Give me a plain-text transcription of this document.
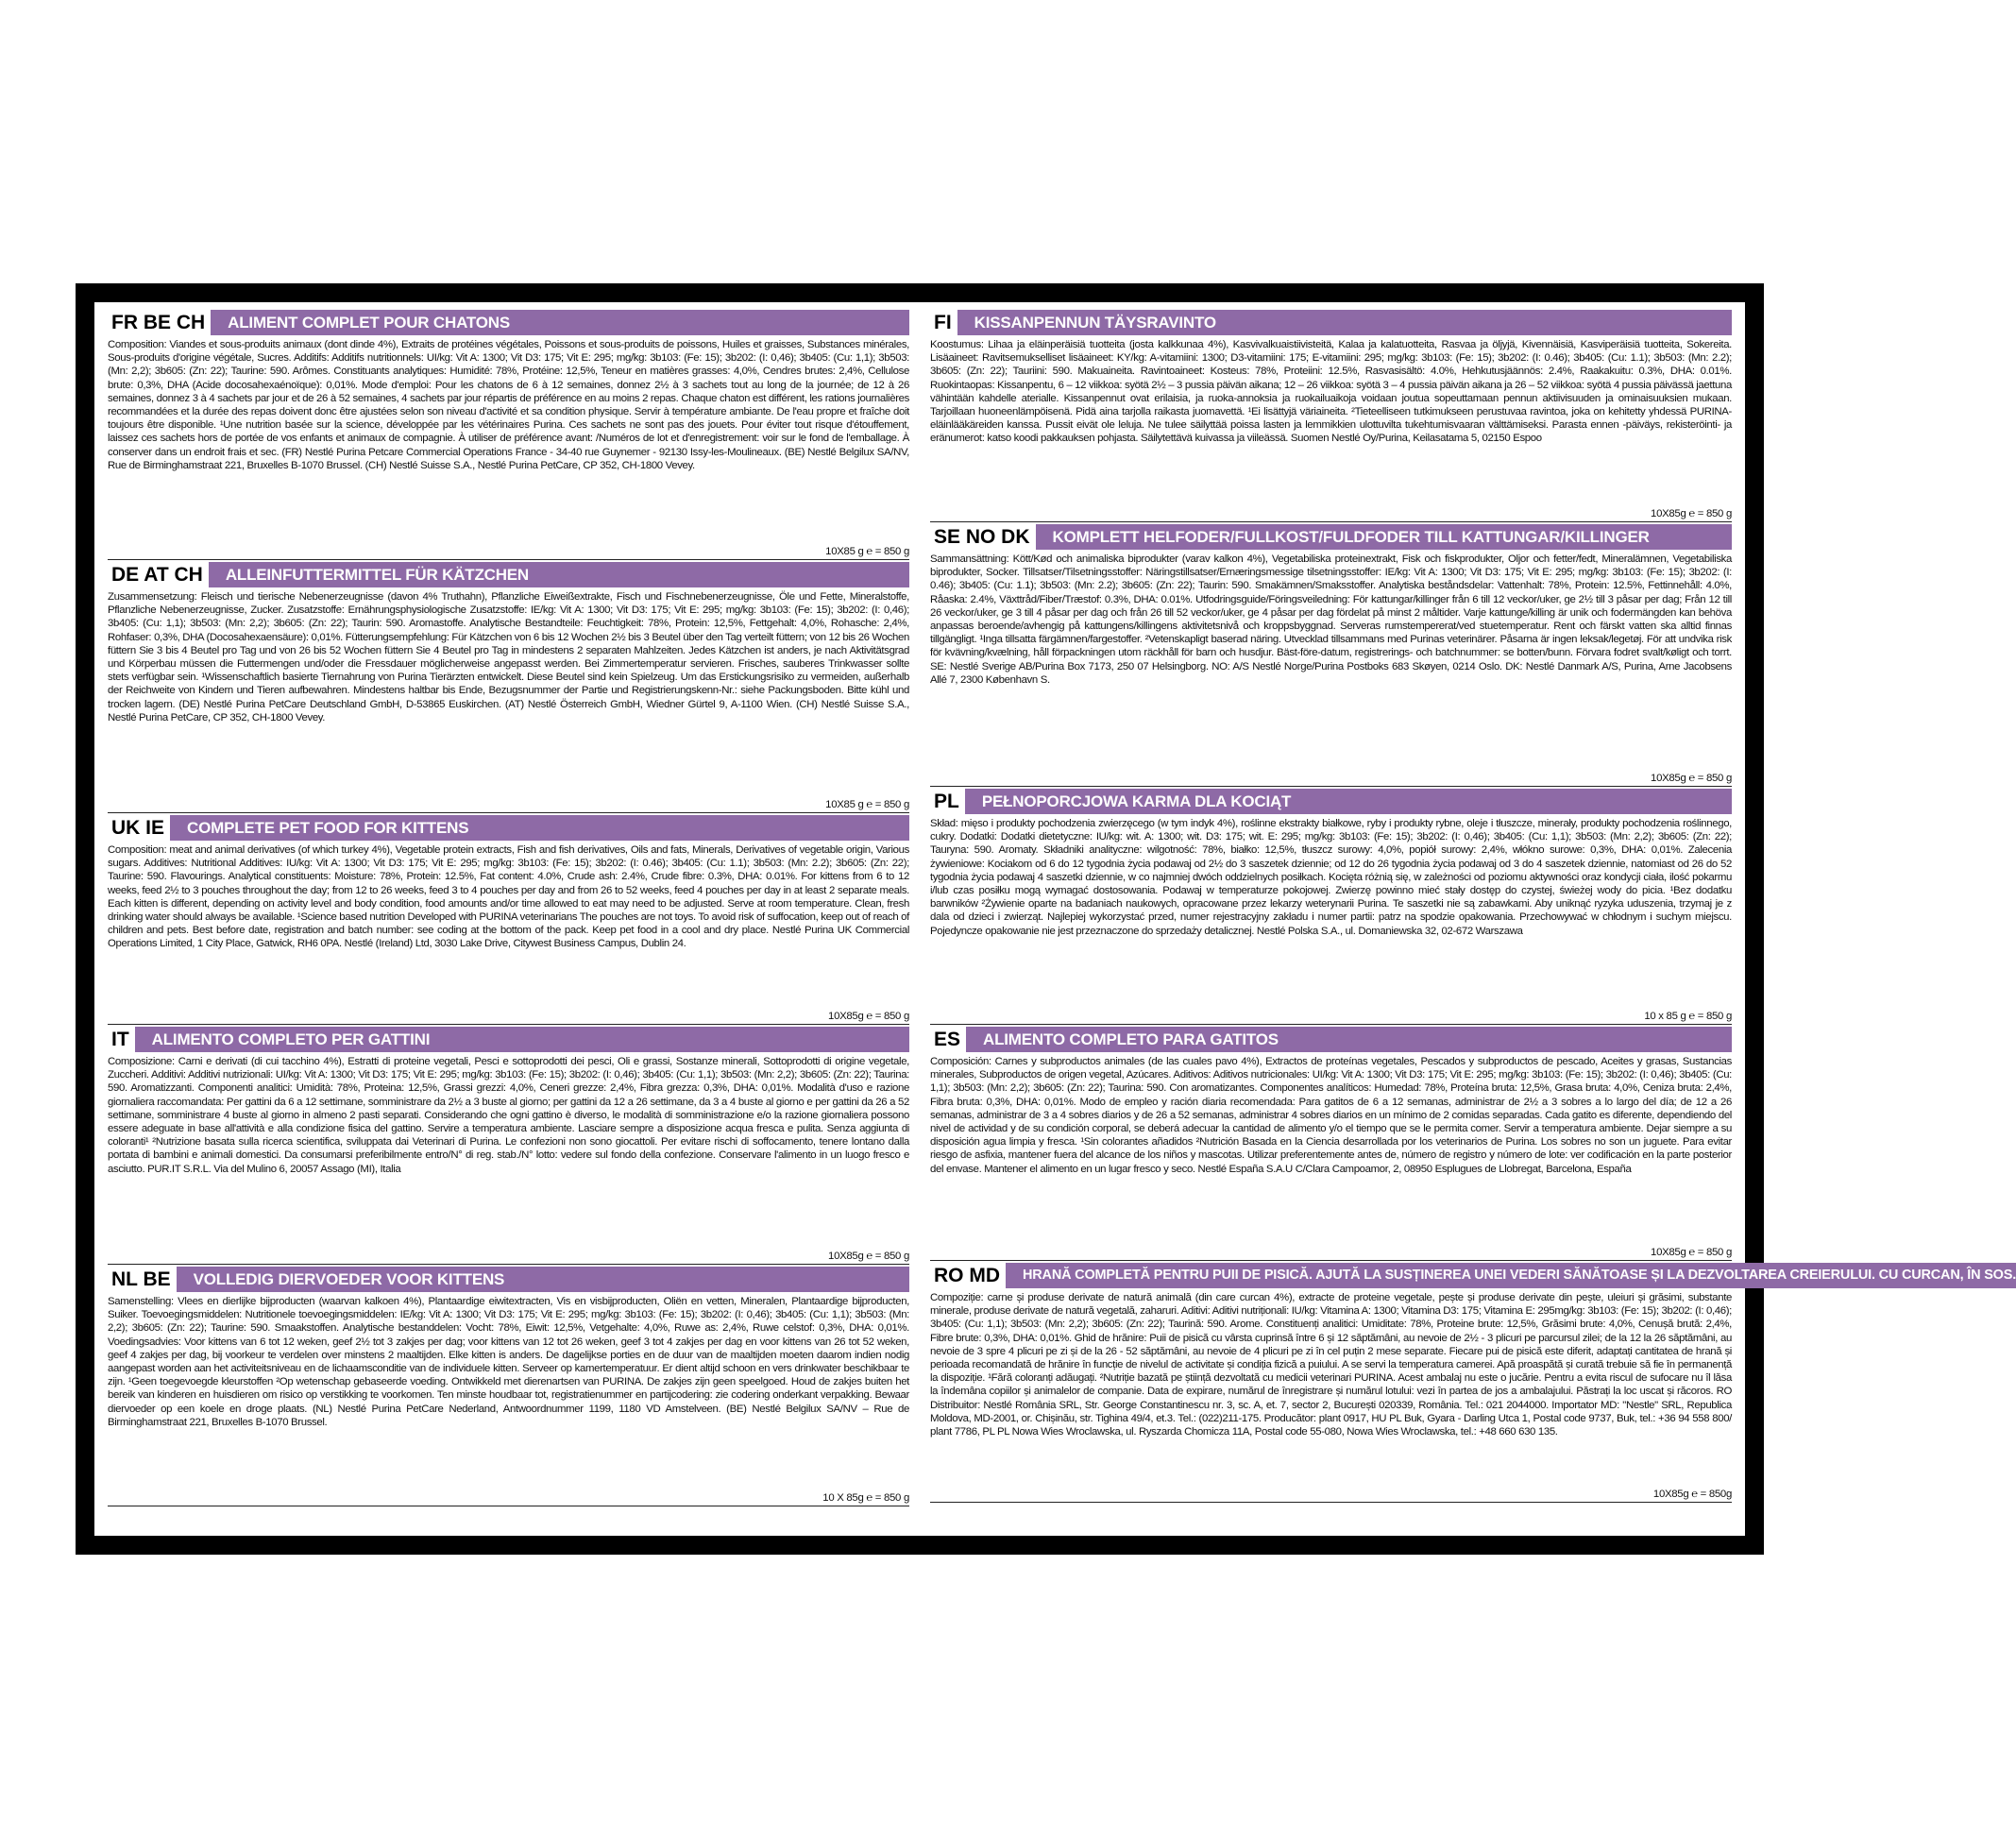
FR BE CH	ALIMENT COMPLET POUR CHATONS
Composition: Viandes et sous-produits animaux (dont dinde 4%), Extraits de protéines végétales, Poissons et sous-produits de poissons, Huiles et graisses, Substances minérales, Sous-produits d'origine végétale, Sucres. Additifs: Additifs nutritionnels: UI/kg: Vit A: 1300; Vit D3: 175; Vit E: 295; mg/kg: 3b103: (Fe: 15); 3b202: (I: 0,46); 3b405: (Cu: 1,1); 3b503: (Mn: 2,2); 3b605: (Zn: 22); Taurine: 590. Arômes. Constituants analytiques: Humidité: 78%, Protéine: 12,5%, Teneur en matières grasses: 4,0%, Cendres brutes: 2,4%, Cellulose brute: 0,3%, DHA (Acide docosahexaénoïque): 0,01%. Mode d'emploi: Pour les chatons de 6 à 12 semaines, donnez 2½ à 3 sachets tout au long de la journée; de 12 à 26 semaines, donnez 3 à 4 sachets par jour et de 26 à 52 semaines, 4 sachets par jour répartis de préférence en au moins 2 repas. Chaque chaton est différent, les rations journalières recommandées et la durée des repas doivent donc être ajustées selon son niveau d'activité et sa condition physique. Servir à température ambiante. De l'eau propre et fraîche doit toujours être disponible. ¹Une nutrition basée sur la science, développée par les vétérinaires Purina. Ces sachets ne sont pas des jouets. Pour éviter tout risque d'étouffement, laissez ces sachets hors de portée de vos enfants et animaux de compagnie. À utiliser de préférence avant: /Numéros de lot et d'enregistrement: voir sur le fond de l'emballage. À conserver dans un endroit frais et sec. (FR) Nestlé Purina Petcare Commercial Operations France - 34-40 rue Guynemer - 92130 Issy-les-Moulineaux. (BE) Nestlé Belgilux SA/NV, Rue de Birminghamstraat 221, Bruxelles B-1070 Brussel. (CH) Nestlé Suisse S.A., Nestlé Purina PetCare, CP 352, CH-1800 Vevey.
10X85 g ℮ = 850 g
DE AT CH	ALLEINFUTTERMITTEL FÜR KÄTZCHEN
Zusammensetzung: Fleisch und tierische Nebenerzeugnisse (davon 4% Truthahn), Pflanzliche Eiweißextrakte, Fisch und Fischnebenerzeugnisse, Öle und Fette, Mineralstoffe, Pflanzliche Nebenerzeugnisse, Zucker. Zusatzstoffe: Ernährungsphysiologische Zusatzstoffe: IE/kg: Vit A: 1300; Vit D3: 175; Vit E: 295; mg/kg: 3b103: (Fe: 15); 3b202: (I: 0,46); 3b405: (Cu: 1,1); 3b503: (Mn: 2,2); 3b605: (Zn: 22); Taurin: 590. Aromastoffe. Analytische Bestandteile: Feuchtigkeit: 78%, Protein: 12,5%, Fettgehalt: 4,0%, Rohasche: 2,4%, Rohfaser: 0,3%, DHA (Docosahexaensäure): 0,01%. Fütterungsempfehlung: Für Kätzchen von 6 bis 12 Wochen 2½ bis 3 Beutel über den Tag verteilt füttern; von 12 bis 26 Wochen füttern Sie 3 bis 4 Beutel pro Tag und von 26 bis 52 Wochen füttern Sie 4 Beutel pro Tag in mindestens 2 separaten Mahlzeiten. Jedes Kätzchen ist anders, je nach Aktivitätsgrad und Körperbau müssen die Futtermengen und/oder die Fressdauer möglicherweise angepasst werden. Bei Zimmertemperatur servieren. Frisches, sauberes Trinkwasser sollte stets verfügbar sein. ¹Wissenschaftlich basierte Tiernahrung von Purina Tierärzten entwickelt. Diese Beutel sind kein Spielzeug. Um das Erstickungsrisiko zu vermeiden, außerhalb der Reichweite von Kindern und Tieren aufbewahren. Mindestens haltbar bis Ende, Bezugsnummer der Partie und Registrierungskenn-Nr.: siehe Packungsboden. Bitte kühl und trocken lagern. (DE) Nestlé Purina PetCare Deutschland GmbH, D-53865 Euskirchen. (AT) Nestlé Österreich GmbH, Wiedner Gürtel 9, A-1100 Wien. (CH) Nestlé Suisse S.A., Nestlé Purina PetCare, CP 352, CH-1800 Vevey.
10X85 g ℮ = 850 g
UK IE	COMPLETE PET FOOD FOR KITTENS
Composition: meat and animal derivatives (of which turkey 4%), Vegetable protein extracts, Fish and fish derivatives, Oils and fats, Minerals, Derivatives of vegetable origin, Various sugars. Additives: Nutritional Additives: IU/kg: Vit A: 1300; Vit D3: 175; Vit E: 295; mg/kg: 3b103: (Fe: 15); 3b202: (I: 0.46); 3b405: (Cu: 1.1); 3b503: (Mn: 2.2); 3b605: (Zn: 22); Taurine: 590. Flavourings. Analytical constituents: Moisture: 78%, Protein: 12.5%, Fat content: 4.0%, Crude ash: 2.4%, Crude fibre: 0.3%, DHA: 0.01%. For kittens from 6 to 12 weeks, feed 2½ to 3 pouches throughout the day; from 12 to 26 weeks, feed 3 to 4 pouches per day and from 26 to 52 weeks, feed 4 pouches per day in at least 2 separate meals. Each kitten is different, depending on activity level and body condition, food amounts and/or time allowed to eat may need to be adjusted. Serve at room temperature. Clean, fresh drinking water should always be available. ¹Science based nutrition Developed with PURINA veterinarians The pouches are not toys. To avoid risk of suffocation, keep out of reach of children and pets. Best before date, registration and batch number: see coding at the bottom of the pack. Keep pet food in a cool and dry place. Nestlé Purina UK Commercial Operations Limited, 1 City Place, Gatwick, RH6 0PA. Nestlé (Ireland) Ltd, 3030 Lake Drive, Citywest Business Campus, Dublin 24.
10X85g ℮ = 850 g
IT	ALIMENTO COMPLETO PER GATTINI
Composizione: Carni e derivati (di cui tacchino 4%), Estratti di proteine vegetali, Pesci e sottoprodotti dei pesci, Oli e grassi, Sostanze minerali, Sottoprodotti di origine vegetale, Zuccheri. Additivi: Additivi nutrizionali: UI/kg: Vit A: 1300; Vit D3: 175; Vit E: 295; mg/kg: 3b103: (Fe: 15); 3b202: (I: 0,46); 3b405: (Cu: 1,1); 3b503: (Mn: 2,2); 3b605: (Zn: 22); Taurina: 590. Aromatizzanti. Componenti analitici: Umidità: 78%, Proteina: 12,5%, Grassi grezzi: 4,0%, Ceneri grezze: 2,4%, Fibra grezza: 0,3%, DHA: 0,01%. Modalità d'uso e razione giornaliera raccomandata: Per gattini da 6 a 12 settimane, somministrare da 2½ a 3 buste al giorno; per gattini da 12 a 26 settimane, da 3 a 4 buste al giorno e per gattini da 26 a 52 settimane, somministrare 4 buste al giorno in almeno 2 pasti separati. Considerando che ogni gattino è diverso, le modalità di somministrazione e/o la razione giornaliera possono essere adeguate in base all'attività e alla condizione fisica del gattino. Servire a temperatura ambiente. Lasciare sempre a disposizione acqua fresca e pulita. Senza aggiunta di coloranti¹ ²Nutrizione basata sulla ricerca scientifica, sviluppata dai Veterinari di Purina. Le confezioni non sono giocattoli. Per evitare rischi di soffocamento, tenere lontano dalla portata di bambini e animali domestici. Da consumarsi preferibilmente entro/N° di reg. stab./N° lotto: vedere sul fondo della confezione. Conservare l'alimento in un luogo fresco e asciutto. PUR.IT S.R.L. Via del Mulino 6, 20057 Assago (MI), Italia
10X85g ℮ = 850 g
NL BE	VOLLEDIG DIERVOEDER VOOR KITTENS
Samenstelling: Vlees en dierlijke bijproducten (waarvan kalkoen 4%), Plantaardige eiwitextracten, Vis en visbijproducten, Oliën en vetten, Mineralen, Plantaardige bijproducten, Suiker. Toevoegingsmiddelen: Nutritionele toevoegingsmiddelen: IE/kg: Vit A: 1300; Vit D3: 175; Vit E: 295; mg/kg: 3b103: (Fe: 15); 3b202: (I: 0,46); 3b405: (Cu: 1,1); 3b503: (Mn: 2,2); 3b605: (Zn: 22); Taurine: 590. Smaakstoffen. Analytische bestanddelen: Vocht: 78%, Eiwit: 12,5%, Vetgehalte: 4,0%, Ruwe as: 2,4%, Ruwe celstof: 0,3%, DHA: 0,01%. Voedingsadvies: Voor kittens van 6 tot 12 weken, geef 2½ tot 3 zakjes per dag; voor kittens van 12 tot 26 weken, geef 3 tot 4 zakjes per dag en voor kittens van 26 tot 52 weken, geef 4 zakjes per dag, bij voorkeur te verdelen over minstens 2 maaltijden. Elke kitten is anders. De dagelijkse porties en de duur van de maaltijden moeten daarom indien nodig aangepast worden aan het activiteitsniveau en de lichaamsconditie van de individuele kitten. Serveer op kamertemperatuur. Er dient altijd schoon en vers drinkwater beschikbaar te zijn. ¹Geen toegevoegde kleurstoffen ²Op wetenschap gebaseerde voeding. Ontwikkeld met dierenartsen van PURINA. De zakjes zijn geen speelgoed. Houd de zakjes buiten het bereik van kinderen en huisdieren om risico op verstikking te voorkomen. Ten minste houdbaar tot, registratienummer en partijcodering: zie codering onderkant verpakking. Bewaar diervoeder op een koele en droge plaats. (NL) Nestlé Purina PetCare Nederland, Antwoordnummer 1199, 1180 VD Amstelveen. (BE) Nestlé Belgilux SA/NV – Rue de Birminghamstraat 221, Bruxelles B-1070 Brussel.
10 X 85g ℮ = 850 g
FI	KISSANPENNUN TÄYSRAVINTO
Koostumus: Lihaa ja eläinperäisiä tuotteita (josta kalkkunaa 4%), Kasvivalkuaistiivisteitä, Kalaa ja kalatuotteita, Rasvaa ja öljyjä, Kivennäisiä, Kasviperäisiä tuotteita, Sokereita. Lisäaineet: Ravitsemukselliset lisäaineet: KY/kg: A-vitamiini: 1300; D3-vitamiini: 175; E-vitamiini: 295; mg/kg: 3b103: (Fe: 15); 3b202: (I: 0.46); 3b405: (Cu: 1.1); 3b503: (Mn: 2.2); 3b605: (Zn: 22); Tauriini: 590. Makuaineita. Ravintoaineet: Kosteus: 78%, Proteiini: 12.5%, Rasvasisältö: 4.0%, Hehkutusjäännös: 2.4%, Raakakuitu: 0.3%, DHA: 0.01%. Ruokintaopas: Kissanpentu, 6 – 12 viikkoa: syötä 2½ – 3 pussia päivän aikana; 12 – 26 viikkoa: syötä 3 – 4 pussia päivän aikana ja 26 – 52 viikkoa: syötä 4 pussia päivässä jaettuna vähintään kahdelle aterialle. Kissanpennut ovat erilaisia, ja ruoka-annoksia ja ruokailuaikoja voidaan joutua sopeuttamaan pennun aktiivisuuden ja ominaisuuksien mukaan. Tarjoillaan huoneenlämpöisenä. Pidä aina tarjolla raikasta juomavettä. ¹Ei lisättyjä väriaineita. ²Tieteelliseen tutkimukseen perustuvaa ravintoa, joka on kehitetty yhdessä PURINA-eläinlääkäreiden kanssa. Pussit eivät ole leluja. Ne tulee säilyttää poissa lasten ja lemmikkien ulottuvilta tukehtumisvaaran välttämiseksi. Parasta ennen -päiväys, rekisteröinti- ja eränumerot: katso koodi pakkauksen pohjasta. Säilytettävä kuivassa ja viileässä. Suomen Nestlé Oy/Purina, Keilasatama 5, 02150 Espoo
10X85g ℮ = 850 g
SE NO DK	KOMPLETT HELFODER/FULLKOST/FULDFODER TILL KATTUNGAR/KILLINGER
Sammansättning: Kött/Kød och animaliska biprodukter (varav kalkon 4%), Vegetabiliska proteinextrakt, Fisk och fiskprodukter, Oljor och fetter/fedt, Mineralämnen, Vegetabiliska biprodukter, Socker. Tillsatser/Tilsetningsstoffer: Näringstillsatser/Ernæringsmessige tilsetningsstoffer: IE/kg: Vit A: 1300; Vit D3: 175; Vit E: 295; mg/kg: 3b103: (Fe: 15); 3b202: (I: 0.46); 3b405: (Cu: 1.1); 3b503: (Mn: 2.2); 3b605: (Zn: 22); Taurin: 590. Smakämnen/Smaksstoffer. Analytiska beståndsdelar: Vattenhalt: 78%, Protein: 12.5%, Fettinnehåll: 4.0%, Råaska: 2.4%, Växttråd/Fiber/Træstof: 0.3%, DHA: 0.01%. Utfodringsguide/Föringsveiledning: För kattungar/killinger från 6 till 12 veckor/uker, ge 2½ till 3 påsar per dag; Från 12 till 26 veckor/uker, ge 3 till 4 påsar per dag och från 26 till 52 veckor/uker, ge 4 påsar per dag fördelat på minst 2 måltider. Varje kattunge/killing är unik och fodermängden kan behöva anpassas beroende/avhengig på kattungens/killingens aktivitetsnivå och kroppsbyggnad. Serveras rumstempererat/ved stuetemperatur. Rent och färskt vatten ska alltid finnas tillgängligt. ¹Inga tillsatta färgämnen/fargestoffer. ²Vetenskapligt baserad näring. Utvecklad tillsammans med Purinas veterinärer. Påsarna är ingen leksak/legetøj. För att undvika risk för kvävning/kvælning, håll förpackningen utom räckhåll för barn och husdjur. Bäst-före-datum, registrerings- och batchnummer: se botten/bunn. Förvara fodret svalt/køligt och torrt. SE: Nestlé Sverige AB/Purina Box 7173, 250 07 Helsingborg. NO: A/S Nestlé Norge/Purina Postboks 683 Skøyen, 0214 Oslo. DK: Nestlé Danmark A/S, Purina, Arne Jacobsens Allé 7, 2300 København S.
10X85g ℮ = 850 g
PL	PEŁNOPORCJOWA KARMA DLA KOCIĄT
Skład: mięso i produkty pochodzenia zwierzęcego (w tym indyk 4%), roślinne ekstrakty białkowe, ryby i produkty rybne, oleje i tłuszcze, minerały, produkty pochodzenia roślinnego, cukry. Dodatki: Dodatki dietetyczne: IU/kg: wit. A: 1300; wit. D3: 175; wit. E: 295; mg/kg: 3b103: (Fe: 15); 3b202: (I: 0,46); 3b405: (Cu: 1,1); 3b503: (Mn: 2,2); 3b605: (Zn: 22); Tauryna: 590. Aromaty. Składniki analityczne: wilgotność: 78%, białko: 12,5%, tłuszcz surowy: 4,0%, popiół surowy: 2,4%, włókno surowe: 0,3%, DHA: 0,01%. Zalecenia żywieniowe: Kociakom od 6 do 12 tygodnia życia podawaj od 2½ do 3 saszetek dziennie; od 12 do 26 tygodnia życia podawaj od 3 do 4 saszetek dziennie, natomiast od 26 do 52 tygodnia życia podawaj 4 saszetki dziennie, w co najmniej dwóch oddzielnych posiłkach. Kocięta różnią się, w zależności od poziomu aktywności oraz kondycji ciała, ilość pokarmu i/lub czas posiłku mogą wymagać dostosowania. Podawaj w temperaturze pokojowej. Zwierzę powinno mieć stały dostęp do czystej, świeżej wody do picia. ¹Bez dodatku barwników ²Żywienie oparte na badaniach naukowych, opracowane przez lekarzy weterynarii Purina. Te saszetki nie są zabawkami. Aby uniknąć ryzyka uduszenia, trzymaj je z dala od dzieci i zwierząt. Najlepiej wykorzystać przed, numer rejestracyjny zakładu i numer partii: patrz na spodzie opakowania. Przechowywać w chłodnym i suchym miejscu. Pojedyncze opakowanie nie jest przeznaczone do sprzedaży detalicznej. Nestlé Polska S.A., ul. Domaniewska 32, 02-672 Warszawa
10 x 85 g ℮ = 850 g
ES	ALIMENTO COMPLETO PARA GATITOS
Composición: Carnes y subproductos animales (de las cuales pavo 4%), Extractos de proteínas vegetales, Pescados y subproductos de pescado, Aceites y grasas, Sustancias minerales, Subproductos de origen vegetal, Azúcares. Aditivos: Aditivos nutricionales: UI/kg: Vit A: 1300; Vit D3: 175; Vit E: 295; mg/kg: 3b103: (Fe: 15); 3b202: (I: 0,46); 3b405: (Cu: 1,1); 3b503: (Mn: 2,2); 3b605: (Zn: 22); Taurina: 590. Con aromatizantes. Componentes analíticos: Humedad: 78%, Proteína bruta: 12,5%, Grasa bruta: 4,0%, Ceniza bruta: 2,4%, Fibra bruta: 0,3%, DHA: 0,01%. Modo de empleo y ración diaria recomendada: Para gatitos de 6 a 12 semanas, administrar de 2½ a 3 sobres a lo largo del día; de 12 a 26 semanas, administrar de 3 a 4 sobres diarios y de 26 a 52 semanas, administrar 4 sobres diarios en un mínimo de 2 comidas separadas. Cada gatito es diferente, dependiendo del nivel de actividad y de su condición corporal, se deberá adecuar la cantidad de alimento y/o el tiempo que se le permita comer. Servir a temperatura ambiente. Dejar siempre a su disposición agua limpia y fresca. ¹Sin colorantes añadidos ²Nutrición Basada en la Ciencia desarrollada por los veterinarios de Purina. Los sobres no son un juguete. Para evitar riesgo de asfixia, mantener fuera del alcance de los niños y mascotas. Utilizar preferentemente antes de, número de registro y número de lote: ver codificación en la parte posterior del envase. Mantener el alimento en un lugar fresco y seco. Nestlé España S.A.U C/Clara Campoamor, 2, 08950 Esplugues de Llobregat, Barcelona, España
10X85g ℮ = 850 g
RO MD	HRANĂ COMPLETĂ PENTRU PUII DE PISICĂ. AJUTĂ LA SUSȚINEREA UNEI VEDERI SĂNĂTOASE ȘI LA DEZVOLTAREA CREIERULUI. CU CURCAN, ÎN SOS.
Compoziție: carne și produse derivate de natură animală (din care curcan 4%), extracte de proteine vegetale, pește și produse derivate din pește, uleiuri și grăsimi, substante minerale, produse derivate de natură vegetală, zaharuri. Aditivi: Aditivi nutriționali: IU/kg: Vitamina A: 1300; Vitamina D3: 175; Vitamina E: 295mg/kg: 3b103: (Fe: 15); 3b202: (I: 0,46); 3b405: (Cu: 1,1); 3b503: (Mn: 2,2); 3b605: (Zn: 22); Taurină: 590. Arome. Constituenți analitici: Umiditate: 78%, Proteine brute: 12,5%, Grăsimi brute: 4,0%, Cenușă brută: 2,4%, Fibre brute: 0,3%, DHA: 0,01%. Ghid de hrănire: Puii de pisică cu vârsta cuprinsă între 6 și 12 săptămâni, au nevoie de 2½ - 3 plicuri pe parcursul zilei; de la 12 la 26 săptămâni, au nevoie de 3 spre 4 plicuri pe zi și de la 26 - 52 săptămâni, au nevoie de 4 plicuri pe zi în cel puțin 2 mese separate. Fiecare pui de pisică este diferit, adaptați cantitatea de hrană și perioada recomandată de hrănire în funcție de nivelul de activitate și condiția fizică a puiului. A se servi la temperatura camerei. Apă proaspătă și curată trebuie să fie în permanență la dispoziție. ¹Fără coloranți adăugați. ²Nutriție bazată pe știință dezvoltată cu medicii veterinari PURINA. Acest ambalaj nu este o jucărie. Pentru a evita riscul de sufocare nu îl lăsa la îndemâna copiilor și animalelor de companie. Data de expirare, numărul de înregistrare și numărul lotului: vezi în partea de jos a ambalajului. Păstrați la loc uscat și răcoros. RO Distribuitor: Nestlé România SRL, Str. George Constantinescu nr. 3, sc. A, et. 7, sector 2, București 020339, România. Tel.: 021 2044000. Importator MD: "Nestle" SRL, Republica Moldova, MD-2001, or. Chișinău, str. Tighina 49/4, et.3. Tel.: (022)211-175. Producător: plant 0917, HU PL Buk, Gyara - Darling Utca 1, Postal code 9737, Buk, tel.: +36 94 558 800/ plant 7786, PL PL Nowa Wies Wroclawska, ul. Ryszarda Chomicza 11A, Postal code 55-080, Nowa Wies Wroclawska, tel.: +48 660 630 135.
10X85g ℮ = 850g
